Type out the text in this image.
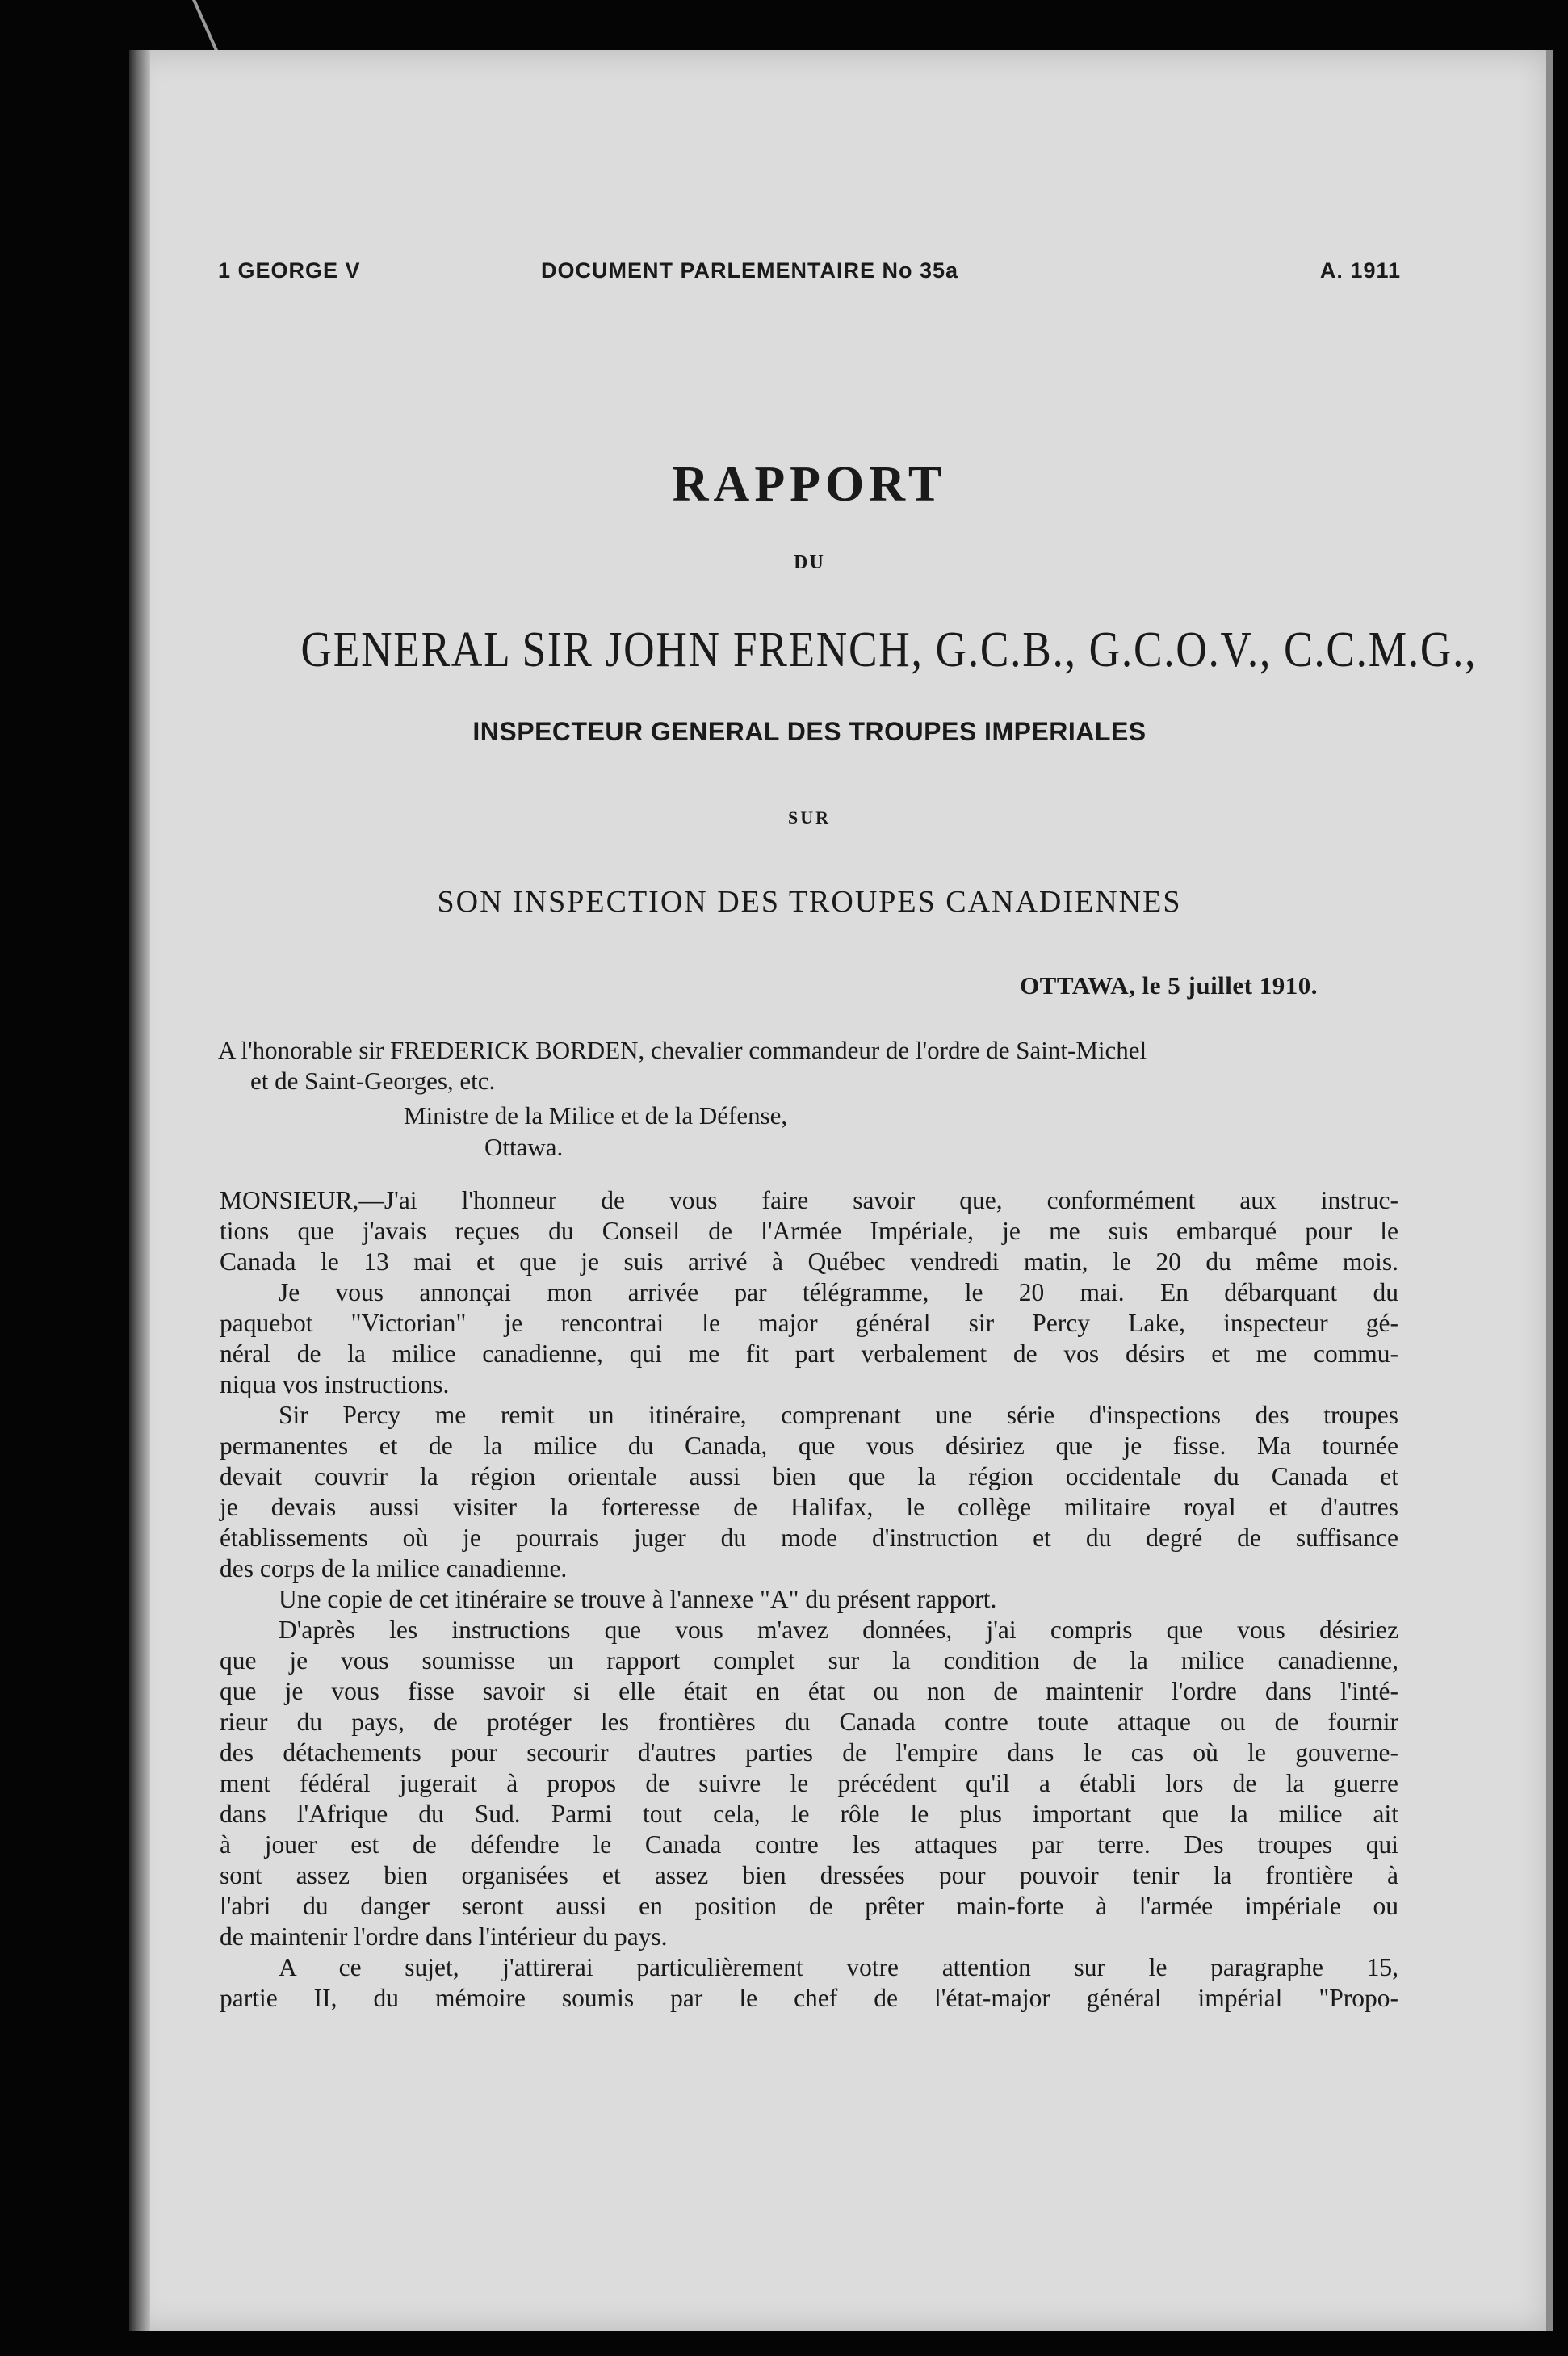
1 GEORGE V	DOCUMENT PARLEMENTAIRE No 35a	A. 1911
RAPPORT
DU
GENERAL SIR JOHN FRENCH, G.C.B., G.C.O.V., C.C.M.G.,
INSPECTEUR GENERAL DES TROUPES IMPERIALES
SUR
SON INSPECTION DES TROUPES CANADIENNES
OTTAWA, le 5 juillet 1910.
A l'honorable sir FREDERICK BORDEN, chevalier commandeur de l'ordre de Saint-Michel
et de Saint-Georges, etc.
Ministre de la Milice et de la Défense,
Ottawa.
MONSIEUR,—J'ai l'honneur de vous faire savoir que, conformément aux instruc-
tions que j'avais reçues du Conseil de l'Armée Impériale, je me suis embarqué pour le
Canada le 13 mai et que je suis arrivé à Québec vendredi matin, le 20 du même mois.
Je vous annonçai mon arrivée par télégramme, le 20 mai. En débarquant du
paquebot "Victorian" je rencontrai le major général sir Percy Lake, inspecteur gé-
néral de la milice canadienne, qui me fit part verbalement de vos désirs et me commu-
niqua vos instructions.
Sir Percy me remit un itinéraire, comprenant une série d'inspections des troupes
permanentes et de la milice du Canada, que vous désiriez que je fisse. Ma tournée
devait couvrir la région orientale aussi bien que la région occidentale du Canada et
je devais aussi visiter la forteresse de Halifax, le collège militaire royal et d'autres
établissements où je pourrais juger du mode d'instruction et du degré de suffisance
des corps de la milice canadienne.
Une copie de cet itinéraire se trouve à l'annexe "A" du présent rapport.
D'après les instructions que vous m'avez données, j'ai compris que vous désiriez
que je vous soumisse un rapport complet sur la condition de la milice canadienne,
que je vous fisse savoir si elle était en état ou non de maintenir l'ordre dans l'inté-
rieur du pays, de protéger les frontières du Canada contre toute attaque ou de fournir
des détachements pour secourir d'autres parties de l'empire dans le cas où le gouverne-
ment fédéral jugerait à propos de suivre le précédent qu'il a établi lors de la guerre
dans l'Afrique du Sud. Parmi tout cela, le rôle le plus important que la milice ait
à jouer est de défendre le Canada contre les attaques par terre. Des troupes qui
sont assez bien organisées et assez bien dressées pour pouvoir tenir la frontière à
l'abri du danger seront aussi en position de prêter main-forte à l'armée impériale ou
de maintenir l'ordre dans l'intérieur du pays.
A ce sujet, j'attirerai particulièrement votre attention sur le paragraphe 15,
partie II, du mémoire soumis par le chef de l'état-major général impérial "Propo-
